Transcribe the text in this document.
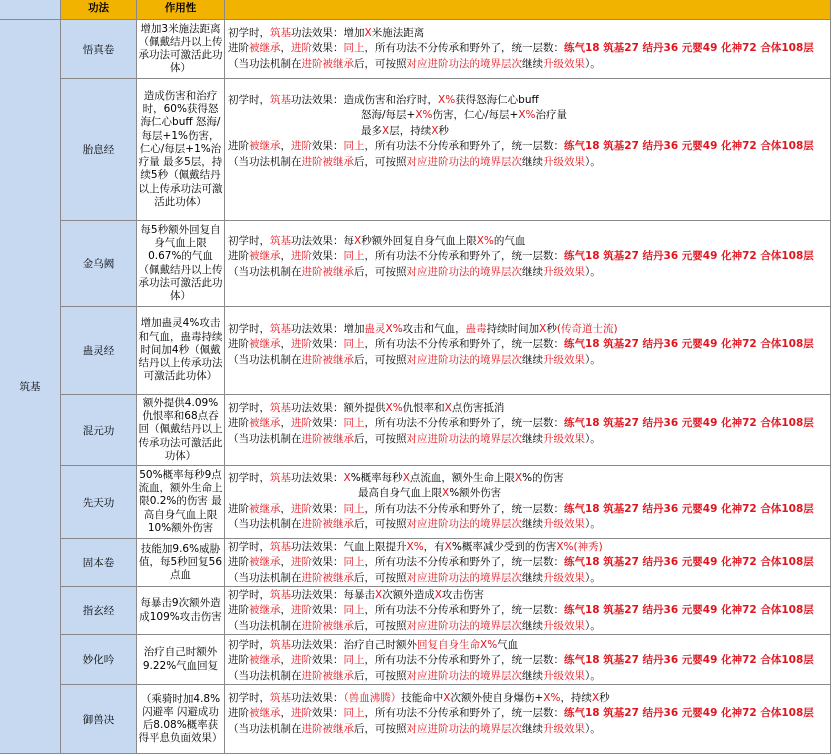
功法	作用性
筑基
悟真卷
增加3米施法距离（佩戴结丹以上传承功法可激活此功体）
初学时，筑基功法效果：增加X米施法距离
进阶被继承，进阶效果：同上，所有功法不分传承和野外了，统一层数：练气18 筑基27 结丹36 元婴49 化神72 合体108层
（当功法机制在进阶被继承后，可按照对应进阶功法的境界层次继续升级效果）。
胎息经
造成伤害和治疗时，60%获得怒海仁心buff 怒海/每层+1%伤害，仁心/每层+1%治疗量 最多5层，持续5秒（佩戴结丹以上传承功法可激活此功体）
初学时，筑基功法效果：造成伤害和治疗时，X%获得怒海仁心buff
怒海/每层+X%伤害，仁心/每层+X%治疗量
最多X层，持续X秒
进阶被继承，进阶效果：同上，所有功法不分传承和野外了，统一层数：练气18 筑基27 结丹36 元婴49 化神72 合体108层
（当功法机制在进阶被继承后，可按照对应进阶功法的境界层次继续升级效果）。
金乌阙
每5秒额外回复自身气血上限0.67%的气血（佩戴结丹以上传承功法可激活此功体）
初学时，筑基功法效果：每X秒额外回复自身气血上限X%的气血
进阶被继承，进阶效果：同上，所有功法不分传承和野外了，统一层数：练气18 筑基27 结丹36 元婴49 化神72 合体108层
（当功法机制在进阶被继承后，可按照对应进阶功法的境界层次继续升级效果）。
蛊灵经
增加蛊灵4%攻击和气血，蛊毒持续时间加4秒（佩戴结丹以上传承功法可激活此功体）
初学时，筑基功法效果：增加蛊灵X%攻击和气血，蛊毒持续时间加X秒(传奇道士流)
进阶被继承，进阶效果：同上，所有功法不分传承和野外了，统一层数：练气18 筑基27 结丹36 元婴49 化神72 合体108层
（当功法机制在进阶被继承后，可按照对应进阶功法的境界层次继续升级效果）。
混元功
额外提供4.09%仇恨率和68点吞回（佩戴结丹以上传承功法可激活此功体）
初学时，筑基功法效果：额外提供X%仇恨率和X点伤害抵消
进阶被继承，进阶效果：同上，所有功法不分传承和野外了，统一层数：练气18 筑基27 结丹36 元婴49 化神72 合体108层
（当功法机制在进阶被继承后，可按照对应进阶功法的境界层次继续升级效果）。
先天功
50%概率每秒9点流血，额外生命上限0.2%的伤害 最高自身气血上限10%额外伤害
初学时，筑基功法效果：X%概率每秒X点流血，额外生命上限X%的伤害
最高自身气血上限X%额外伤害
进阶被继承，进阶效果：同上，所有功法不分传承和野外了，统一层数：练气18 筑基27 结丹36 元婴49 化神72 合体108层
（当功法机制在进阶被继承后，可按照对应进阶功法的境界层次继续升级效果）。
固本卷
技能加9.6%威胁值，每5秒回复56点血
初学时，筑基功法效果：气血上限提升X%，有X%概率减少受到的伤害X%(神秀)
进阶被继承，进阶效果：同上，所有功法不分传承和野外了，统一层数：练气18 筑基27 结丹36 元婴49 化神72 合体108层
（当功法机制在进阶被继承后，可按照对应进阶功法的境界层次继续升级效果）。
指玄经
每暴击9次额外造成109%攻击伤害
初学时，筑基功法效果：每暴击X次额外造成X攻击伤害
进阶被继承，进阶效果：同上，所有功法不分传承和野外了，统一层数：练气18 筑基27 结丹36 元婴49 化神72 合体108层
（当功法机制在进阶被继承后，可按照对应进阶功法的境界层次继续升级效果）。
妙化吟
治疗自己时额外9.22%气血回复
初学时，筑基功法效果：治疗自己时额外回复自身生命X%气血
进阶被继承，进阶效果：同上，所有功法不分传承和野外了，统一层数：练气18 筑基27 结丹36 元婴49 化神72 合体108层
（当功法机制在进阶被继承后，可按照对应进阶功法的境界层次继续升级效果）。
御兽决
（乘骑时加4.8%闪避率 闪避成功后8.08%概率获得平息负面效果）
初学时，筑基功法效果：（兽血沸腾）技能命中X次额外使自身爆伤+X%，持续X秒
进阶被继承，进阶效果：同上，所有功法不分传承和野外了，统一层数：练气18 筑基27 结丹36 元婴49 化神72 合体108层
（当功法机制在进阶被继承后，可按照对应进阶功法的境界层次继续升级效果）。
